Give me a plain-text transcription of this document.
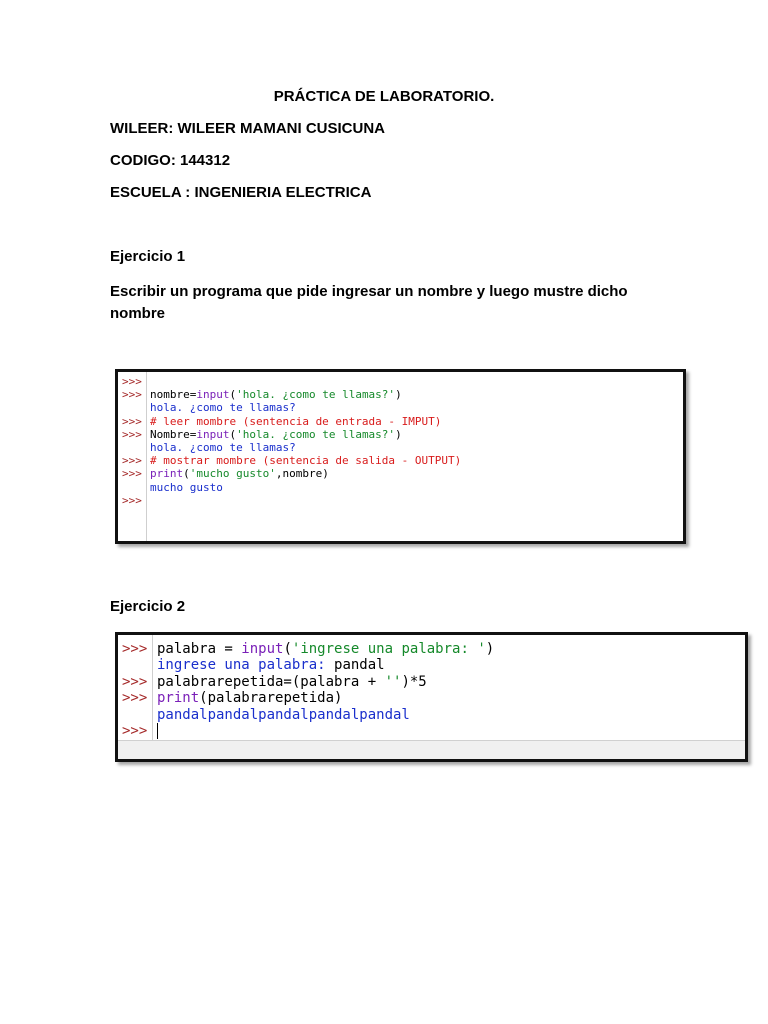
PRÁCTICA DE LABORATORIO.

WILEER: WILEER MAMANI CUSICUNA

CODIGO: 144312

ESCUELA : INGENIERIA ELECTRICA

Ejercicio 1

Escribir un programa que pide ingresar un nombre y luego mustre dicho nombre

>>>
>>> nombre=input('hola. ¿como te llamas?')
hola. ¿como te llamas?
>>> # leer mombre (sentencia de entrada - IMPUT)
>>> Nombre=input('hola. ¿como te llamas?')
hola. ¿como te llamas?
>>> # mostrar mombre (sentencia de salida - OUTPUT)
>>> print('mucho gusto',nombre)
mucho gusto
>>>

Ejercicio 2

>>> palabra = input('ingrese una palabra: ')
ingrese una palabra: pandal
>>> palabrarepetida=(palabra + '')*5
>>> print(palabrarepetida)
pandalpandalpandalpandalpandal
>>>
